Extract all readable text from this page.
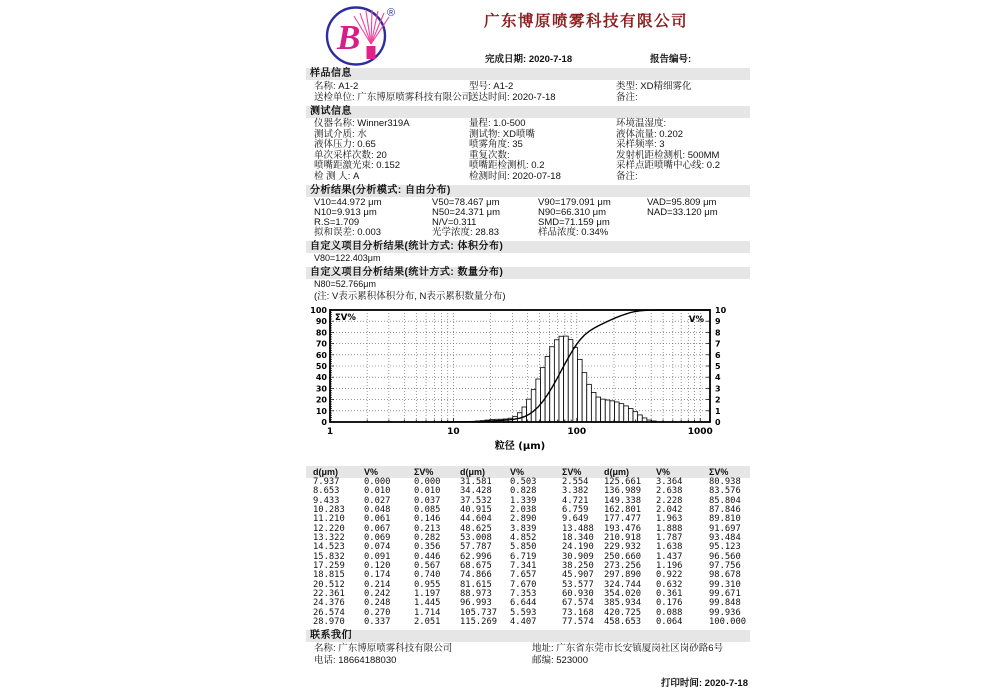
B
®	广东博原喷雾科技有限公司
完成日期: 2020-7-18	报告编号:
样品信息
名称: A1-2	型号: A1-2	类型: XD精细雾化
送检单位: 广东博原喷雾科技有限公司
送达时间: 2020-7-18	备注:
测试信息
仪器名称: Winner319A	量程: 1.0-500	环境温湿度:
测试介质: 水	测试物: XD喷嘴	液体流量: 0.202
液体压力: 0.65	喷雾角度: 35	采样频率: 3
单次采样次数: 20	重复次数:	发射机距检测机: 500MM
喷嘴距激光束: 0.152	喷嘴距检测机: 0.2	采样点距喷嘴中心线: 0.2
检 测 人: A	检测时间: 2020-07-18	备注:
分析结果(分析模式: 自由分布)
V10=44.972 μm	V50=78.467 μm	V90=179.091 μm	VAD=95.809 μm
N10=9.913 μm	N50=24.371 μm	N90=66.310 μm	NAD=33.120 μm
R.S=1.709	N/V=0.311	SMD=71.159 μm
拟和误差: 0.003	光学浓度: 28.83	样品浓度: 0.34%
自定义项目分析结果(统计方式: 体积分布)
V80=122.403μm
自定义项目分析结果(统计方式: 数量分布)
N80=52.766μm
(注: V表示累积体积分布, N表示累积数量分布)
0
10
20
30
40
50
60
70
80
90
100
0
1
2
3
4
5
6
7
8
9
10
1	10	100	1000
ΣV%	V%
粒径 (μm)
d(μm)	V%	ΣV%	d(μm)	V%	ΣV%	d(μm)	V%	ΣV%
7.937	0.000	0.000	31.581	0.503	2.554	125.661	3.364	80.938
8.653	0.010	0.010	34.428	0.828	3.382	136.989	2.638	83.576
9.433	0.027	0.037	37.532	1.339	4.721	149.338	2.228	85.804
10.283	0.048	0.085	40.915	2.038	6.759	162.801	2.042	87.846
11.210	0.061	0.146	44.604	2.890	9.649	177.477	1.963	89.810
12.220	0.067	0.213	48.625	3.839	13.488	193.476	1.888	91.697
13.322	0.069	0.282	53.008	4.852	18.340	210.918	1.787	93.484
14.523	0.074	0.356	57.787	5.850	24.190	229.932	1.638	95.123
15.832	0.091	0.446	62.996	6.719	30.909	250.660	1.437	96.560
17.259	0.120	0.567	68.675	7.341	38.250	273.256	1.196	97.756
18.815	0.174	0.740	74.866	7.657	45.907	297.890	0.922	98.678
20.512	0.214	0.955	81.615	7.670	53.577	324.744	0.632	99.310
22.361	0.242	1.197	88.973	7.353	60.930	354.020	0.361	99.671
24.376	0.248	1.445	96.993	6.644	67.574	385.934	0.176	99.848
26.574	0.270	1.714	105.737	5.593	73.168	420.725	0.088	99.936
28.970	0.337	2.051	115.269	4.407	77.574	458.653	0.064	100.000
联系我们
名称: 广东博原喷雾科技有限公司	地址: 广东省东莞市长安镇厦岗社区岗砂路6号
电话: 18664188030	邮编: 523000
打印时间: 2020-7-18
